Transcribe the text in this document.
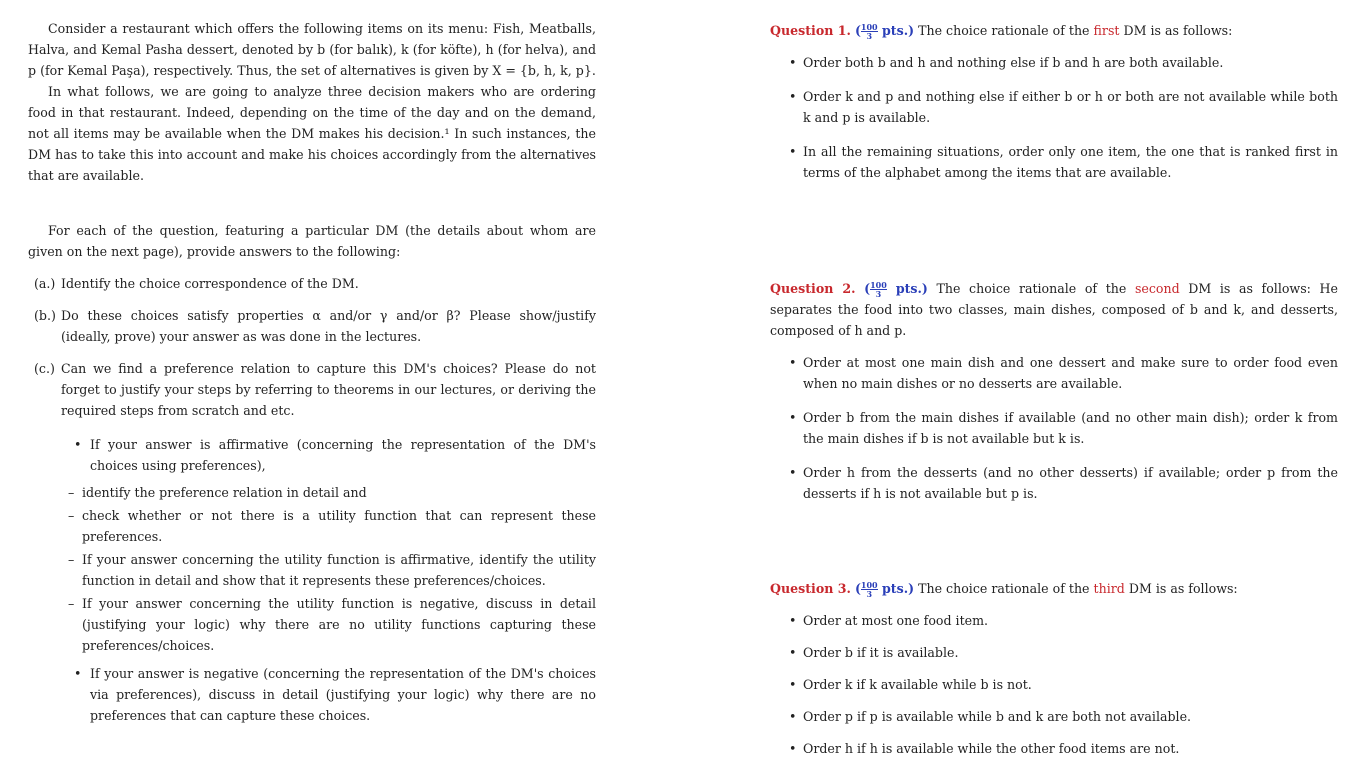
Consider a restaurant which offers the following items on its menu: Fish, Meatballs, Halva, and Kemal Pasha dessert, denoted by b (for balık), k (for köfte), h (for helva), and p (for Kemal Paşa), respectively. Thus, the set of alternatives is given by X = {b, h, k, p}.

In what follows, we are going to analyze three decision makers who are ordering food in that restaurant. Indeed, depending on the time of the day and on the demand, not all items may be available when the DM makes his decision.¹ In such instances, the DM has to take this into account and make his choices accordingly from the alternatives that are available.

For each of the question, featuring a particular DM (the details about whom are given on the next page), provide answers to the following:

(a.) Identify the choice correspondence of the DM.
(b.) Do these choices satisfy properties α and/or γ and/or β? Please show/justify (ideally, prove) your answer as was done in the lectures.
(c.) Can we find a preference relation to capture this DM's choices? Please do not forget to justify your steps by referring to theorems in our lectures, or deriving the required steps from scratch and etc.
• If your answer is affirmative (concerning the representation of the DM's choices using preferences),
– identify the preference relation in detail and
– check whether or not there is a utility function that can represent these preferences.
– If your answer concerning the utility function is affirmative, identify the utility function in detail and show that it represents these preferences/choices.
– If your answer concerning the utility function is negative, discuss in detail (justifying your logic) why there are no utility functions capturing these preferences/choices.
• If your answer is negative (concerning the representation of the DM's choices via preferences), discuss in detail (justifying your logic) why there are no preferences that can capture these choices.

Question 1. ( $\frac{100}{3} pts$.) The choice rationale of the first DM is as follows:

• Order both b and h and nothing else if b and h are both available.
• Order k and p and nothing else if either b or h or both are not available while both k and p is available.
• In all the remaining situations, order only one item, the one that is ranked first in terms of the alphabet among the items that are available.

Question 2. ( $\frac{100}{3} pts$.) The choice rationale of the second DM is as follows: He separates the food into two classes, main dishes, composed of b and k, and desserts, composed of h and p.

• Order at most one main dish and one dessert and make sure to order food even when no main dishes or no desserts are available.
• Order b from the main dishes if available (and no other main dish); order k from the main dishes if b is not available but k is.
• Order h from the desserts (and no other desserts) if available; order p from the desserts if h is not available but p is.

Question 3. ( $\frac{100}{3} pts$.) The choice rationale of the third DM is as follows:

• Order at most one food item.
• Order b if it is available.
• Order k if k available while b is not.
• Order p if p is available while b and k are both not available.
• Order h if h is available while the other food items are not.
